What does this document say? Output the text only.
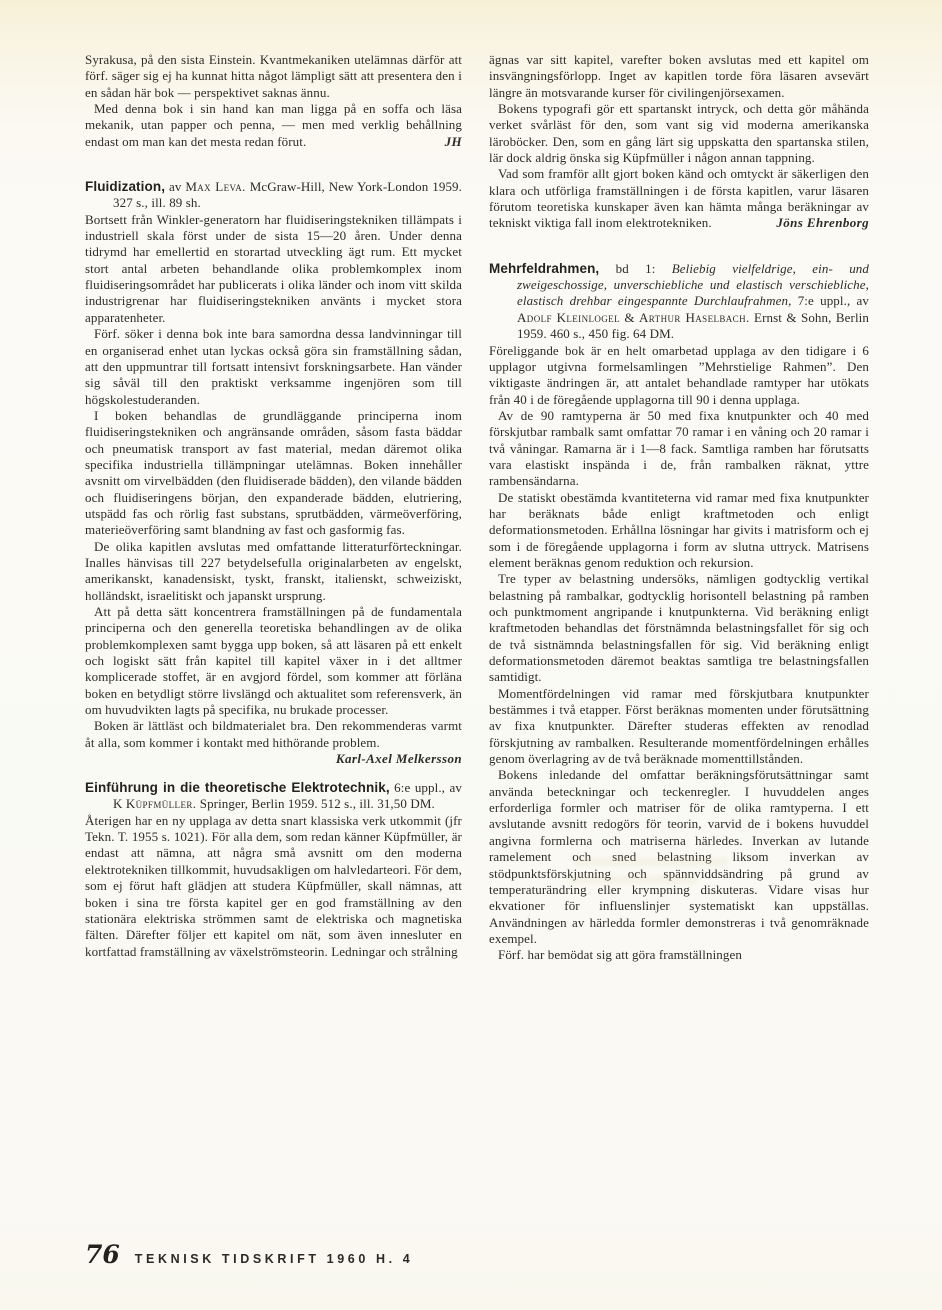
Syrakusa, på den sista Einstein. Kvantmekaniken utelämnas därför att förf. säger sig ej ha kunnat hitta något lämpligt sätt att presentera den i en sådan här bok — perspektivet saknas ännu.

Med denna bok i sin hand kan man ligga på en soffa och läsa mekanik, utan papper och penna, — men med verklig behållning endast om man kan det mesta redan förut.	JH

Fluidization, av Max Leva. McGraw-Hill, New York-London 1959. 327 s., ill. 89 sh.

Bortsett från Winkler-generatorn har fluidiseringstekniken tillämpats i industriell skala först under de sista 15—20 åren. Under denna tidrymd har emellertid en storartad utveckling ägt rum. Ett mycket stort antal arbeten behandlande olika problemkomplex inom fluidiseringsområdet har publicerats i olika länder och inom vitt skilda industrigrenar har fluidiseringstekniken använts i mycket stora apparatenheter.

Förf. söker i denna bok inte bara samordna dessa landvinningar till en organiserad enhet utan lyckas också göra sin framställning sådan, att den uppmuntrar till fortsatt intensivt forskningsarbete. Han vänder sig såväl till den praktiskt verksamme ingenjören som till högskolestuderanden.

I boken behandlas de grundläggande principerna inom fluidiseringstekniken och angränsande områden, såsom fasta bäddar och pneumatisk transport av fast material, medan däremot olika specifika industriella tillämpningar utelämnas. Boken innehåller avsnitt om virvelbädden (den fluidiserade bädden), den vilande bädden och fluidiseringens början, den expanderade bädden, elutriering, utspädd fas och rörlig fast substans, sprutbädden, värmeöverföring, materieöverföring samt blandning av fast och gasformig fas.

De olika kapitlen avslutas med omfattande litteraturförteckningar. Inalles hänvisas till 227 betydelsefulla originalarbeten av engelskt, amerikanskt, kanadensiskt, tyskt, franskt, italienskt, schweiziskt, holländskt, israelitiskt och japanskt ursprung.

Att på detta sätt koncentrera framställningen på de fundamentala principerna och den generella teoretiska behandlingen av de olika problemkomplexen samt bygga upp boken, så att läsaren på ett enkelt och logiskt sätt från kapitel till kapitel växer in i det alltmer komplicerade stoffet, är en avgjord fördel, som kommer att förläna boken en betydligt större livslängd och aktualitet som referensverk, än om huvudvikten lagts på specifika, nu brukade processer.

Boken är lättläst och bildmaterialet bra. Den rekommenderas varmt åt alla, som kommer i kontakt med hithörande problem.
Karl-Axel Melkersson

Einführung in die theoretische Elektrotechnik, 6:e uppl., av K Küpfmüller. Springer, Berlin 1959. 512 s., ill. 31,50 DM.

Återigen har en ny upplaga av detta snart klassiska verk utkommit (jfr Tekn. T. 1955 s. 1021). För alla dem, som redan känner Küpfmüller, är endast att nämna, att några små avsnitt om den moderna elektrotekniken tillkommit, huvudsakligen om halvledarteori. För dem, som ej förut haft glädjen att studera Küpfmüller, skall nämnas, att boken i sina tre första kapitel ger en god framställning av den stationära elektriska strömmen samt de elektriska och magnetiska fälten. Därefter följer ett kapitel om nät, som även innesluter en kortfattad framställning av växelströmsteorin. Ledningar och strålning

ägnas var sitt kapitel, varefter boken avslutas med ett kapitel om insvängningsförlopp. Inget av kapitlen torde föra läsaren avsevärt längre än motsvarande kurser för civilingenjörsexamen.

Bokens typografi gör ett spartanskt intryck, och detta gör måhända verket svårläst för den, som vant sig vid moderna amerikanska läroböcker. Den, som en gång lärt sig uppskatta den spartanska stilen, lär dock aldrig önska sig Küpfmüller i någon annan tappning.

Vad som framför allt gjort boken känd och omtyckt är säkerligen den klara och utförliga framställningen i de första kapitlen, varur läsaren förutom teoretiska kunskaper även kan hämta många beräkningar av tekniskt viktiga fall inom elektrotekniken.	Jöns Ehrenborg

Mehrfeldrahmen, bd 1: Beliebig vielfeldrige, ein- und zweigeschossige, unverschiebliche und elastisch verschiebliche, elastisch drehbar eingespannte Durchlaufrahmen, 7:e uppl., av Adolf Kleinlogel & Arthur Haselbach. Ernst & Sohn, Berlin 1959. 460 s., 450 fig. 64 DM.

Föreliggande bok är en helt omarbetad upplaga av den tidigare i 6 upplagor utgivna formelsamlingen ”Mehrstielige Rahmen”. Den viktigaste ändringen är, att antalet behandlade ramtyper har utökats från 40 i de föregående upplagorna till 90 i denna upplaga.

Av de 90 ramtyperna är 50 med fixa knutpunkter och 40 med förskjutbar rambalk samt omfattar 70 ramar i en våning och 20 ramar i två våningar. Ramarna är i 1—8 fack. Samtliga ramben har förutsatts vara elastiskt inspända i de, från rambalken räknat, yttre rambensändarna.

De statiskt obestämda kvantiteterna vid ramar med fixa knutpunkter har beräknats både enligt kraftmetoden och enligt deformationsmetoden. Erhållna lösningar har givits i matrisform och ej som i de föregående upplagorna i form av slutna uttryck. Matrisens element beräknas genom reduktion och rekursion.

Tre typer av belastning undersöks, nämligen godtycklig vertikal belastning på rambalkar, godtycklig horisontell belastning på ramben och punktmoment angripande i knutpunkterna. Vid beräkning enligt kraftmetoden behandlas det förstnämnda belastningsfallet för sig och de två sistnämnda belastningsfallen för sig. Vid beräkning enligt deformationsmetoden däremot beaktas samtliga tre belastningsfallen samtidigt.

Momentfördelningen vid ramar med förskjutbara knutpunkter bestämmes i två etapper. Först beräknas momenten under förutsättning av fixa knutpunkter. Därefter studeras effekten av renodlad förskjutning av rambalken. Resulterande momentfördelningen erhålles genom överlagring av de två beräknade momenttillstånden.

Bokens inledande del omfattar beräkningsförutsättningar samt använda beteckningar och teckenregler. I huvuddelen anges erforderliga formler och matriser för de olika ramtyperna. I ett avslutande avsnitt redogörs för teorin, varvid de i bokens huvuddel angivna formlerna och matriserna härledes. Inverkan av lutande ramelement och sned belastning liksom inverkan av stödpunktsförskjutning och spännviddsändring på grund av temperaturändring eller krympning diskuteras. Vidare visas hur ekvationer för influenslinjer systematiskt kan uppställas. Användningen av härledda formler demonstreras i två genomräknade exempel.

Förf. har bemödat sig att göra framställningen

76 TEKNISK TIDSKRIFT 1960 H. 4
